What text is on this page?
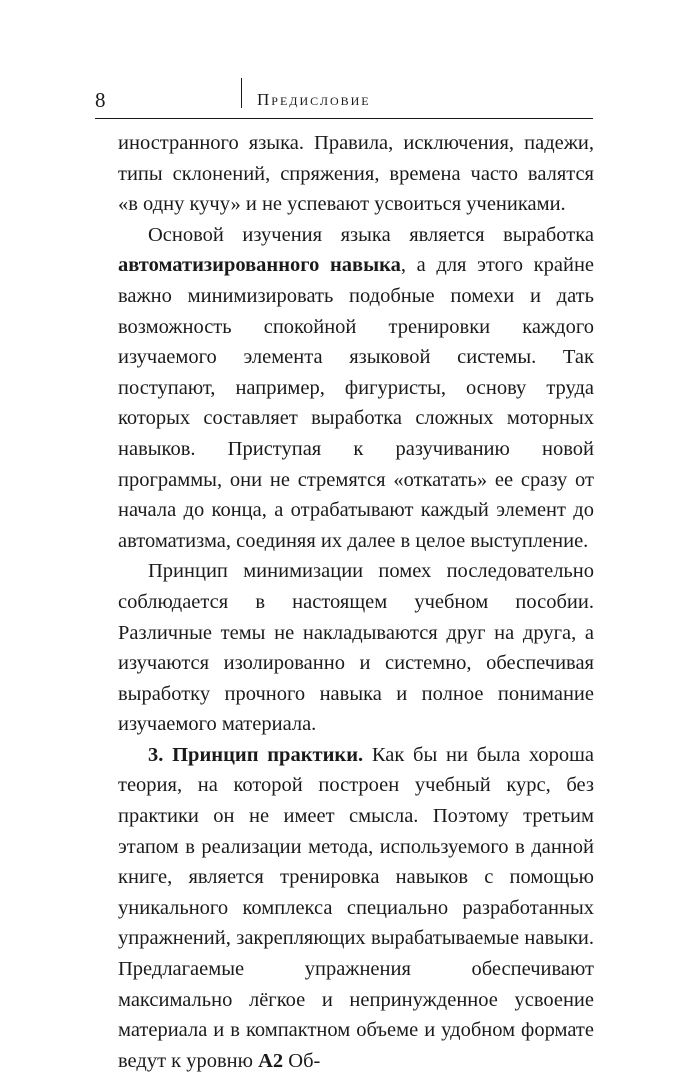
8	Предисловие

иностранного языка. Правила, исключения, падежи, типы склонений, спряжения, времена часто валятся «в одну кучу» и не успевают усвоиться учениками.

Основой изучения языка является выработка автоматизированного навыка, а для этого крайне важно минимизировать подобные помехи и дать возможность спокойной тренировки каждого изучаемого элемента языковой системы. Так поступают, например, фигуристы, основу труда которых составляет выработка сложных моторных навыков. Приступая к разучиванию новой программы, они не стремятся «откатать» ее сразу от начала до конца, а отрабатывают каждый элемент до автоматизма, соединяя их далее в целое выступление.

Принцип минимизации помех последовательно соблюдается в настоящем учебном пособии. Различные темы не накладываются друг на друга, а изучаются изолированно и системно, обеспечивая выработку прочного навыка и полное понимание изучаемого материала.

3. Принцип практики. Как бы ни была хороша теория, на которой построен учебный курс, без практики он не имеет смысла. Поэтому третьим этапом в реализации метода, используемого в данной книге, является тренировка навыков с помощью уникального комплекса специально разработанных упражнений, закрепляющих вырабатываемые навыки. Предлагаемые упражнения обеспечивают максимально лёгкое и непринужденное усвоение материала и в компактном объеме и удобном формате ведут к уровню A2 Об-
